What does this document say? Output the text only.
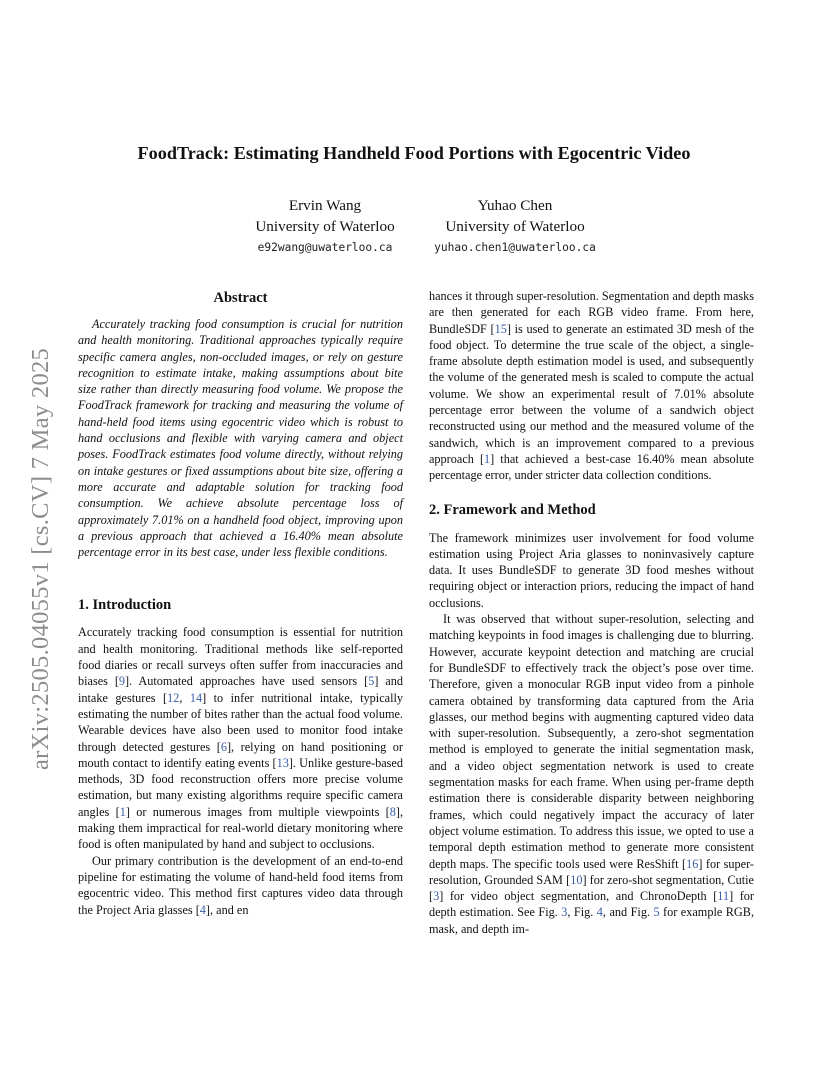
arXiv:2505.04055v1 [cs.CV] 7 May 2025
FoodTrack: Estimating Handheld Food Portions with Egocentric Video
Ervin Wang
University of Waterloo
e92wang@uwaterloo.ca
Yuhao Chen
University of Waterloo
yuhao.chen1@uwaterloo.ca
Abstract

Accurately tracking food consumption is crucial for nutrition and health monitoring. Traditional approaches typically require specific camera angles, non-occluded images, or rely on gesture recognition to estimate intake, making assumptions about bite size rather than directly measuring food volume. We propose the FoodTrack framework for tracking and measuring the volume of hand-held food items using egocentric video which is robust to hand occlusions and flexible with varying camera and object poses. FoodTrack estimates food volume directly, without relying on intake gestures or fixed assumptions about bite size, offering a more accurate and adaptable solution for tracking food consumption. We achieve absolute percentage loss of approximately 7.01% on a handheld food object, improving upon a previous approach that achieved a 16.40% mean absolute percentage error in its best case, under less flexible conditions.

1. Introduction

Accurately tracking food consumption is essential for nutrition and health monitoring. Traditional methods like self-reported food diaries or recall surveys often suffer from inaccuracies and biases [9]. Automated approaches have used sensors [5] and intake gestures [12, 14] to infer nutritional intake, typically estimating the number of bites rather than the actual food volume. Wearable devices have also been used to monitor food intake through detected gestures [6], relying on hand positioning or mouth contact to identify eating events [13]. Unlike gesture-based methods, 3D food reconstruction offers more precise volume estimation, but many existing algorithms require specific camera angles [1] or numerous images from multiple viewpoints [8], making them impractical for real-world dietary monitoring where food is often manipulated by hand and subject to occlusions.

Our primary contribution is the development of an end-to-end pipeline for estimating the volume of hand-held food items from egocentric video. This method first captures video data through the Project Aria glasses [4], and en

hances it through super-resolution. Segmentation and depth masks are then generated for each RGB video frame. From here, BundleSDF [15] is used to generate an estimated 3D mesh of the food object. To determine the true scale of the object, a single-frame absolute depth estimation model is used, and subsequently the volume of the generated mesh is scaled to compute the actual volume. We show an experimental result of 7.01% absolute percentage error between the volume of a sandwich object reconstructed using our method and the measured volume of the sandwich, which is an improvement compared to a previous approach [1] that achieved a best-case 16.40% mean absolute percentage error, under stricter data collection conditions.

2. Framework and Method

The framework minimizes user involvement for food volume estimation using Project Aria glasses to noninvasively capture data. It uses BundleSDF to generate 3D food meshes without requiring object or interaction priors, reducing the impact of hand occlusions.

It was observed that without super-resolution, selecting and matching keypoints in food images is challenging due to blurring. However, accurate keypoint detection and matching are crucial for BundleSDF to effectively track the object’s pose over time. Therefore, given a monocular RGB input video from a pinhole camera obtained by transforming data captured from the Aria glasses, our method begins with augmenting captured video data with super-resolution. Subsequently, a zero-shot segmentation method is employed to generate the initial segmentation mask, and a video object segmentation network is used to create segmentation masks for each frame. When using per-frame depth estimation there is considerable disparity between neighboring frames, which could negatively impact the accuracy of later object volume estimation. To address this issue, we opted to use a temporal depth estimation method to generate more consistent depth maps. The specific tools used were ResShift [16] for super-resolution, Grounded SAM [10] for zero-shot segmentation, Cutie [3] for video object segmentation, and ChronoDepth [11] for depth estimation. See Fig. 3, Fig. 4, and Fig. 5 for example RGB, mask, and depth im-
